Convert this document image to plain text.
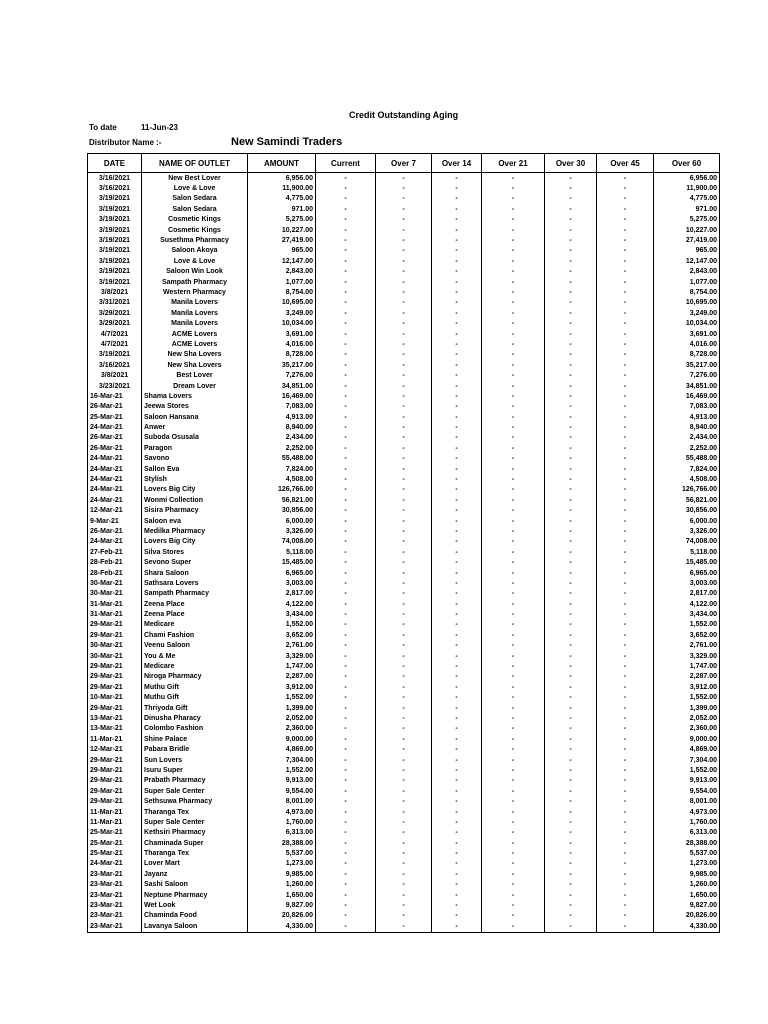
Credit Outstanding Aging
To date	11-Jun-23
Distributor Name :-	New Samindi Traders
DATE	NAME OF OUTLET	AMOUNT	Current	Over 7	Over 14	Over 21	Over 30	Over 45	Over 60
3/16/2021	New Best Lover	6,956.00	-	-	-	-	-	-	6,956.00
3/16/2021	Love & Love	11,900.00	-	-	-	-	-	-	11,900.00
3/19/2021	Salon Sedara	4,775.00	-	-	-	-	-	-	4,775.00
3/19/2021	Salon Sedara	971.00	-	-	-	-	-	-	971.00
3/19/2021	Cosmetic Kings	5,275.00	-	-	-	-	-	-	5,275.00
3/19/2021	Cosmetic Kings	10,227.00	-	-	-	-	-	-	10,227.00
3/19/2021	Susethma Pharmacy	27,419.00	-	-	-	-	-	-	27,419.00
3/19/2021	Saloon Akoya	965.00	-	-	-	-	-	-	965.00
3/19/2021	Love & Love	12,147.00	-	-	-	-	-	-	12,147.00
3/19/2021	Saloon Win Look	2,843.00	-	-	-	-	-	-	2,843.00
3/19/2021	Sampath Pharmacy	1,077.00	-	-	-	-	-	-	1,077.00
3/8/2021	Western Pharmacy	8,754.00	-	-	-	-	-	-	8,754.00
3/31/2021	Manila Lovers	10,695.00	-	-	-	-	-	-	10,695.00
3/29/2021	Manila Lovers	3,249.00	-	-	-	-	-	-	3,249.00
3/29/2021	Manila Lovers	10,034.00	-	-	-	-	-	-	10,034.00
4/7/2021	ACME Lovers	3,691.00	-	-	-	-	-	-	3,691.00
4/7/2021	ACME Lovers	4,016.00	-	-	-	-	-	-	4,016.00
3/19/2021	New Sha Lovers	8,728.00	-	-	-	-	-	-	8,728.00
3/16/2021	New Sha Lovers	35,217.00	-	-	-	-	-	-	35,217.00
3/8/2021	Best Lover	7,276.00	-	-	-	-	-	-	7,276.00
3/23/2021	Dream Lover	34,851.00	-	-	-	-	-	-	34,851.00
16-Mar-21	Shama Lovers	16,469.00	-	-	-	-	-	-	16,469.00
26-Mar-21	Jeewa Stores	7,083.00	-	-	-	-	-	-	7,083.00
25-Mar-21	Saloon Hansana	4,913.00	-	-	-	-	-	-	4,913.00
24-Mar-21	Anwer	8,940.00	-	-	-	-	-	-	8,940.00
26-Mar-21	Suboda Osusala	2,434.00	-	-	-	-	-	-	2,434.00
26-Mar-21	Paragon	2,252.00	-	-	-	-	-	-	2,252.00
24-Mar-21	Savono	55,488.00	-	-	-	-	-	-	55,488.00
24-Mar-21	Sallon Eva	7,824.00	-	-	-	-	-	-	7,824.00
24-Mar-21	Stylish	4,508.00	-	-	-	-	-	-	4,508.00
24-Mar-21	Lovers Big City	126,766.00	-	-	-	-	-	-	126,766.00
24-Mar-21	Wonmi Collection	56,821.00	-	-	-	-	-	-	56,821.00
12-Mar-21	Sisira Pharmacy	30,856.00	-	-	-	-	-	-	30,856.00
9-Mar-21	Saloon eva	6,000.00	-	-	-	-	-	-	6,000.00
26-Mar-21	Medilka Pharmacy	3,326.00	-	-	-	-	-	-	3,326.00
24-Mar-21	Lovers Big City	74,008.00	-	-	-	-	-	-	74,008.00
27-Feb-21	Silva Stores	5,118.00	-	-	-	-	-	-	5,118.00
28-Feb-21	Sevono Super	15,485.00	-	-	-	-	-	-	15,485.00
28-Feb-21	Shara Saloon	6,965.00	-	-	-	-	-	-	6,965.00
30-Mar-21	Sathsara Lovers	3,003.00	-	-	-	-	-	-	3,003.00
30-Mar-21	Sampath Pharmacy	2,817.00	-	-	-	-	-	-	2,817.00
31-Mar-21	Zeena Place	4,122.00	-	-	-	-	-	-	4,122.00
31-Mar-21	Zeena Place	3,434.00	-	-	-	-	-	-	3,434.00
29-Mar-21	Medicare	1,552.00	-	-	-	-	-	-	1,552.00
29-Mar-21	Chami Fashion	3,652.00	-	-	-	-	-	-	3,652.00
30-Mar-21	Veenu Saloon	2,761.00	-	-	-	-	-	-	2,761.00
30-Mar-21	You & Me	3,329.00	-	-	-	-	-	-	3,329.00
29-Mar-21	Medicare	1,747.00	-	-	-	-	-	-	1,747.00
29-Mar-21	Niroga Pharmacy	2,287.00	-	-	-	-	-	-	2,287.00
29-Mar-21	Muthu Gift	3,912.00	-	-	-	-	-	-	3,912.00
10-Mar-21	Muthu Gift	1,552.00	-	-	-	-	-	-	1,552.00
29-Mar-21	Thriyoda Gift	1,399.00	-	-	-	-	-	-	1,399.00
13-Mar-21	Dinusha Pharacy	2,052.00	-	-	-	-	-	-	2,052.00
13-Mar-21	Colombo Fashion	2,360.00	-	-	-	-	-	-	2,360.00
11-Mar-21	Shine Palace	9,000.00	-	-	-	-	-	-	9,000.00
12-Mar-21	Pabara Bridle	4,869.00	-	-	-	-	-	-	4,869.00
29-Mar-21	Sun Lovers	7,304.00	-	-	-	-	-	-	7,304.00
29-Mar-21	Isuru Super	1,552.00	-	-	-	-	-	-	1,552.00
29-Mar-21	Prabath Pharmacy	9,913.00	-	-	-	-	-	-	9,913.00
29-Mar-21	Super Sale Center	9,554.00	-	-	-	-	-	-	9,554.00
29-Mar-21	Sethsuwa Pharmacy	8,001.00	-	-	-	-	-	-	8,001.00
11-Mar-21	Tharanga Tex	4,973.00	-	-	-	-	-	-	4,973.00
11-Mar-21	Super Sale Center	1,760.00	-	-	-	-	-	-	1,760.00
25-Mar-21	Kethsiri Pharmacy	6,313.00	-	-	-	-	-	-	6,313.00
25-Mar-21	Chaminada Super	28,388.00	-	-	-	-	-	-	28,388.00
25-Mar-21	Tharanga Tex	5,537.00	-	-	-	-	-	-	5,537.00
24-Mar-21	Lover Mart	1,273.00	-	-	-	-	-	-	1,273.00
23-Mar-21	Jayanz	9,985.00	-	-	-	-	-	-	9,985.00
23-Mar-21	Sashi Saloon	1,260.00	-	-	-	-	-	-	1,260.00
23-Mar-21	Neptune Pharmacy	1,650.00	-	-	-	-	-	-	1,650.00
23-Mar-21	Wet Look	9,827.00	-	-	-	-	-	-	9,827.00
23-Mar-21	Chaminda Food	20,826.00	-	-	-	-	-	-	20,826.00
23-Mar-21	Lavanya Saloon	4,330.00	-	-	-	-	-	-	4,330.00
